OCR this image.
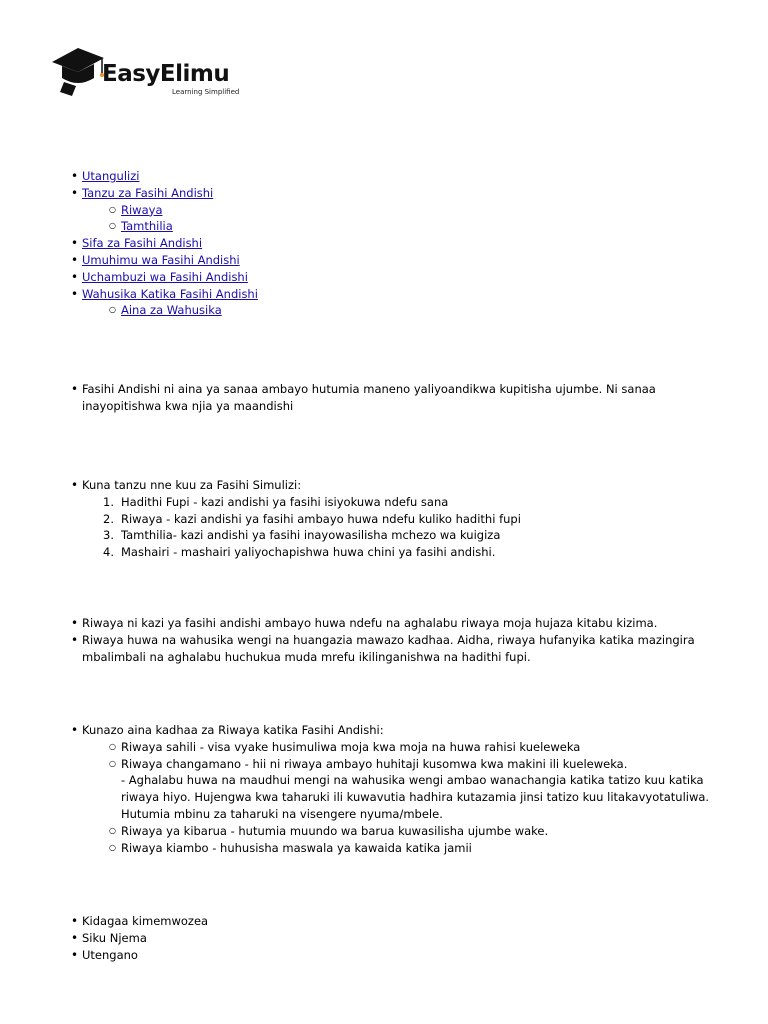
EasyElimu
Learning Simplified
• Utangulizi
• Tanzu za Fasihi Andishi
○ Riwaya
○ Tamthilia
• Sifa za Fasihi Andishi
• Umuhimu wa Fasihi Andishi
• Uchambuzi wa Fasihi Andishi
• Wahusika Katika Fasihi Andishi
○ Aina za Wahusika
• Fasihi Andishi ni aina ya sanaa ambayo hutumia maneno yaliyoandikwa kupitisha ujumbe. Ni sanaa inayopitishwa kwa njia ya maandishi
• Kuna tanzu nne kuu za Fasihi Simulizi:
1. Hadithi Fupi - kazi andishi ya fasihi isiyokuwa ndefu sana
2. Riwaya - kazi andishi ya fasihi ambayo huwa ndefu kuliko hadithi fupi
3. Tamthilia- kazi andishi ya fasihi inayowasilisha mchezo wa kuigiza
4. Mashairi - mashairi yaliyochapishwa huwa chini ya fasihi andishi.
• Riwaya ni kazi ya fasihi andishi ambayo huwa ndefu na aghalabu riwaya moja hujaza kitabu kizima.
• Riwaya huwa na wahusika wengi na huangazia mawazo kadhaa. Aidha, riwaya hufanyika katika mazingira mbalimbali na aghalabu huchukua muda mrefu ikilinganishwa na hadithi fupi.
• Kunazo aina kadhaa za Riwaya katika Fasihi Andishi:
○ Riwaya sahili - visa vyake husimuliwa moja kwa moja na huwa rahisi kueleweka
○ Riwaya changamano - hii ni riwaya ambayo huhitaji kusomwa kwa makini ili kueleweka.
- Aghalabu huwa na maudhui mengi na wahusika wengi ambao wanachangia katika tatizo kuu katika riwaya hiyo. Hujengwa kwa taharuki ili kuwavutia hadhira kutazamia jinsi tatizo kuu litakavyotatuliwa. Hutumia mbinu za taharuki na visengere nyuma/mbele.
○ Riwaya ya kibarua - hutumia muundo wa barua kuwasilisha ujumbe wake.
○ Riwaya kiambo - huhusisha maswala ya kawaida katika jamii
• Kidagaa kimemwozea
• Siku Njema
• Utengano
